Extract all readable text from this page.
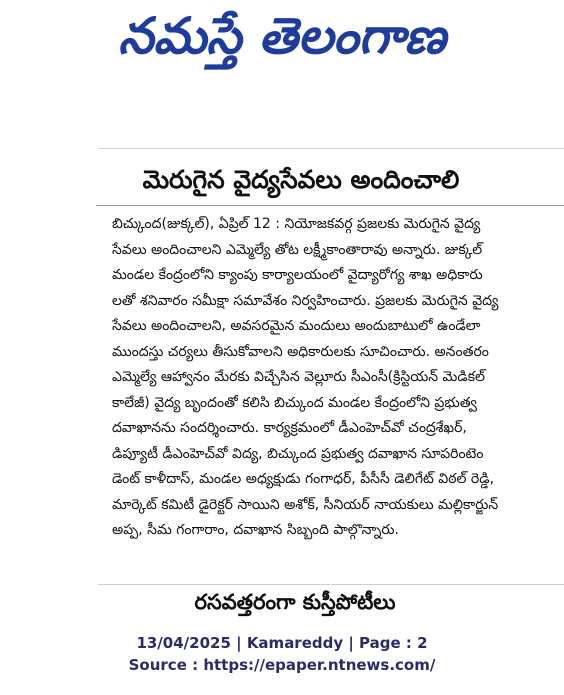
నమస్తే తెలంగాణ
మెరుగైన వైద్యసేవలు అందించాలి
బిచ్కుంద(జుక్కల్), ఏప్రిల్ 12 : నియోజకవర్గ ప్రజలకు మెరుగైన వైద్య
సేవలు అందించాలని ఎమ్మెల్యే తోట లక్ష్మీకాంతారావు అన్నారు. జుక్కల్
మండల కేంద్రంలోని క్యాంపు కార్యాలయంలో వైద్యారోగ్య శాఖ అధికారు
లతో శనివారం సమీక్షా సమావేశం నిర్వహించారు. ప్రజలకు మెరుగైన వైద్య
సేవలు అందించాలని, అవసరమైన మందులు అందుబాటులో ఉండేలా
ముందస్తు చర్యలు తీసుకోవాలని అధికారులకు సూచించారు. అనంతరం
ఎమ్మెల్యే ఆహ్వానం మేరకు విచ్చేసిన వెల్లూరు సీఎంసీ(క్రిస్టియన్ మెడికల్
కాలేజీ) వైద్య బృందంతో కలిసి బిచ్కుంద మండల కేంద్రంలోని ప్రభుత్వ
దవాఖానను సందర్శించారు. కార్యక్రమంలో డీఎంహెచ్‌వో చంద్రశేఖర్,
డిప్యూటీ డీఎంహెచ్‌వో విద్య, బిచ్కుంద ప్రభుత్వ దవాఖాన సూపరింటెం
డెంట్ కాళీదాస్, మండల అధ్యక్షుడు గంగాధర్, పీసీసీ డెలిగేట్ విఠల్ రెడ్డి,
మార్కెట్ కమిటీ డైరెక్టర్ సాయిని అశోక్, సీనియర్ నాయకులు మల్లికార్జున్
అప్ప, సీమ గంగారాం, దవాఖాన సిబ్బంది పాల్గొన్నారు.
రసవత్తరంగా కుస్తీపోటీలు
13/04/2025 | Kamareddy | Page : 2
Source : https://epaper.ntnews.com/
